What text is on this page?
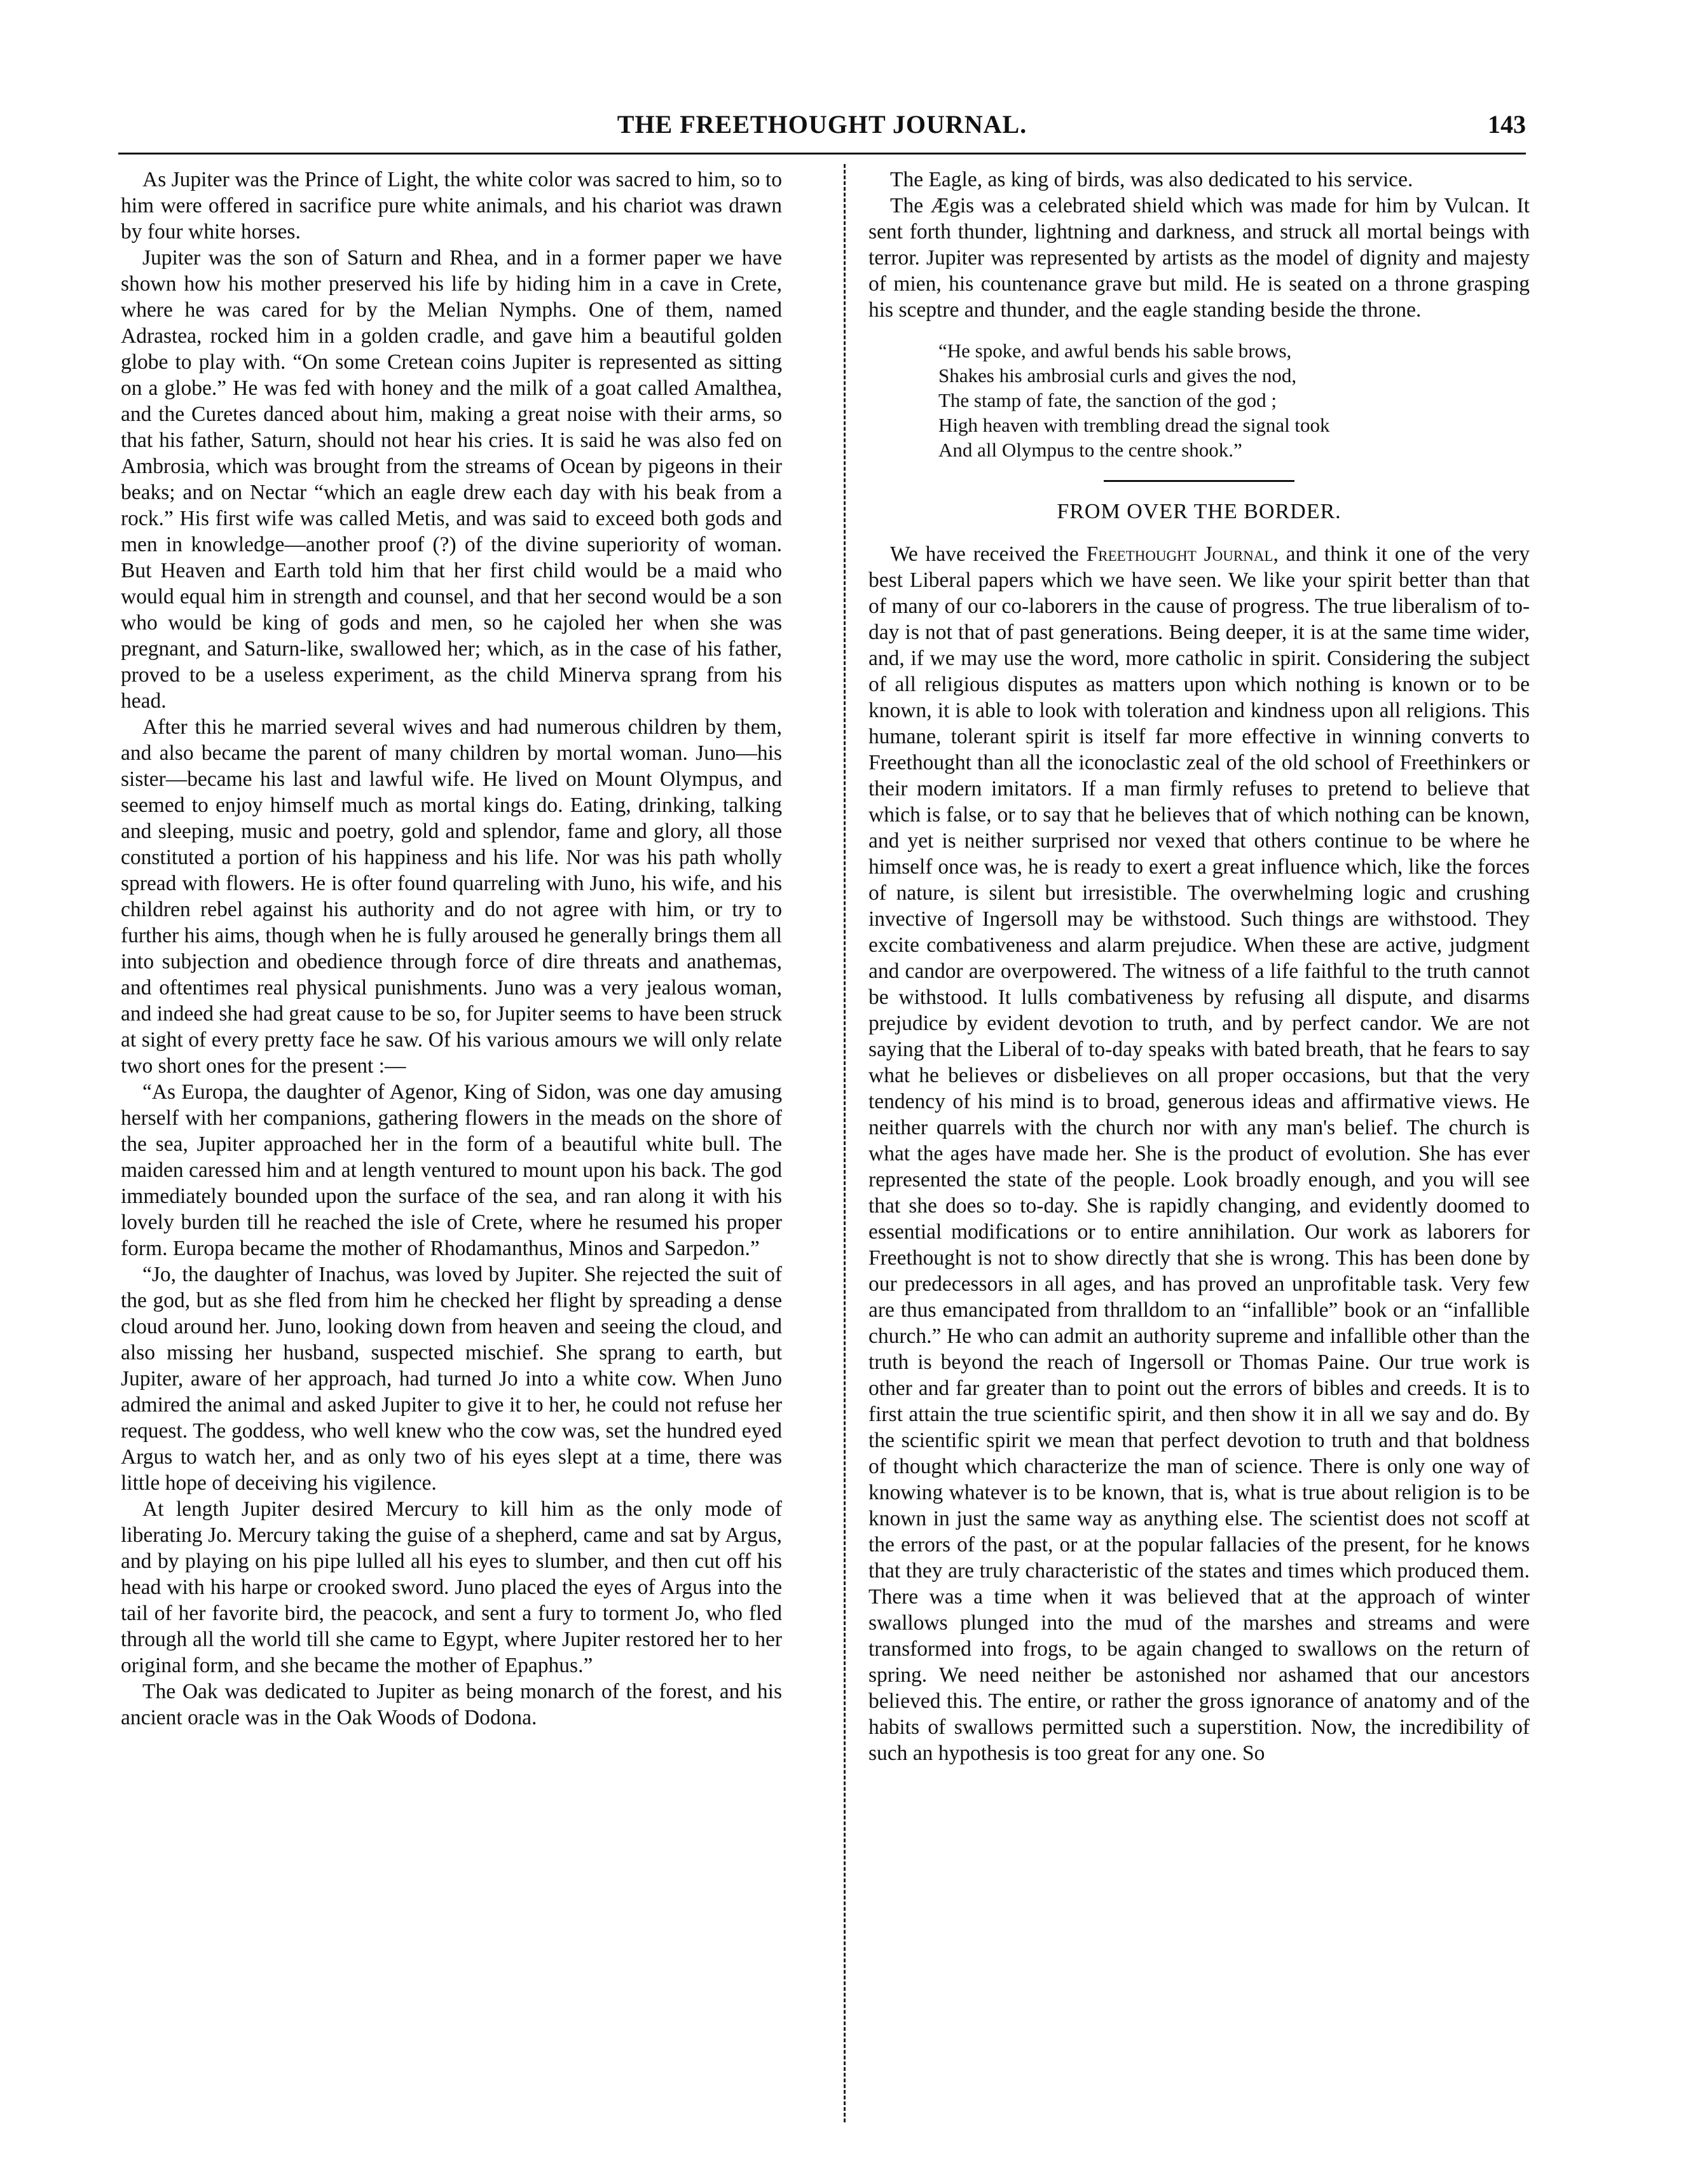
THE FREETHOUGHT JOURNAL.	143

As Jupiter was the Prince of Light, the white color was sacred to him, so to him were offered in sacrifice pure white animals, and his chariot was drawn by four white horses.

Jupiter was the son of Saturn and Rhea, and in a former paper we have shown how his mother preserved his life by hiding him in a cave in Crete, where he was cared for by the Melian Nymphs. One of them, named Adrastea, rocked him in a golden cradle, and gave him a beautiful golden globe to play with. “On some Cretean coins Jupiter is represented as sitting on a globe.” He was fed with honey and the milk of a goat called Amalthea, and the Curetes danced about him, making a great noise with their arms, so that his father, Saturn, should not hear his cries. It is said he was also fed on Ambrosia, which was brought from the streams of Ocean by pigeons in their beaks; and on Nectar “which an eagle drew each day with his beak from a rock.” His first wife was called Metis, and was said to exceed both gods and men in knowledge—another proof (?) of the divine superiority of woman. But Heaven and Earth told him that her first child would be a maid who would equal him in strength and counsel, and that her second would be a son who would be king of gods and men, so he cajoled her when she was pregnant, and Saturn-like, swallowed her; which, as in the case of his father, proved to be a useless experiment, as the child Minerva sprang from his head.

After this he married several wives and had numerous children by them, and also became the parent of many children by mortal woman. Juno—his sister—became his last and lawful wife. He lived on Mount Olympus, and seemed to enjoy himself much as mortal kings do. Eating, drinking, talking and sleeping, music and poetry, gold and splendor, fame and glory, all those constituted a portion of his happiness and his life. Nor was his path wholly spread with flowers. He is ofter found quarreling with Juno, his wife, and his children rebel against his authority and do not agree with him, or try to further his aims, though when he is fully aroused he generally brings them all into subjection and obedience through force of dire threats and anathemas, and oftentimes real physical punishments. Juno was a very jealous woman, and indeed she had great cause to be so, for Jupiter seems to have been struck at sight of every pretty face he saw. Of his various amours we will only relate two short ones for the present :—

“As Europa, the daughter of Agenor, King of Sidon, was one day amusing herself with her companions, gathering flowers in the meads on the shore of the sea, Jupiter approached her in the form of a beautiful white bull. The maiden caressed him and at length ventured to mount upon his back. The god immediately bounded upon the surface of the sea, and ran along it with his lovely burden till he reached the isle of Crete, where he resumed his proper form. Europa became the mother of Rhodamanthus, Minos and Sarpedon.”

“Jo, the daughter of Inachus, was loved by Jupiter. She rejected the suit of the god, but as she fled from him he checked her flight by spreading a dense cloud around her. Juno, looking down from heaven and seeing the cloud, and also missing her husband, suspected mischief. She sprang to earth, but Jupiter, aware of her approach, had turned Jo into a white cow. When Juno admired the animal and asked Jupiter to give it to her, he could not refuse her request. The goddess, who well knew who the cow was, set the hundred eyed Argus to watch her, and as only two of his eyes slept at a time, there was little hope of deceiving his vigilence.

At length Jupiter desired Mercury to kill him as the only mode of liberating Jo. Mercury taking the guise of a shepherd, came and sat by Argus, and by playing on his pipe lulled all his eyes to slumber, and then cut off his head with his harpe or crooked sword. Juno placed the eyes of Argus into the tail of her favorite bird, the peacock, and sent a fury to torment Jo, who fled through all the world till she came to Egypt, where Jupiter restored her to her original form, and she became the mother of Epaphus.”

The Oak was dedicated to Jupiter as being monarch of the forest, and his ancient oracle was in the Oak Woods of Dodona.

The Eagle, as king of birds, was also dedicated to his service.

The Ægis was a celebrated shield which was made for him by Vulcan. It sent forth thunder, lightning and darkness, and struck all mortal beings with terror. Jupiter was represented by artists as the model of dignity and majesty of mien, his countenance grave but mild. He is seated on a throne grasping his sceptre and thunder, and the eagle standing beside the throne.

“He spoke, and awful bends his sable brows,
Shakes his ambrosial curls and gives the nod,
The stamp of fate, the sanction of the god ;
High heaven with trembling dread the signal took
And all Olympus to the centre shook.”
FROM OVER THE BORDER.

We have received the Freethought Journal, and think it one of the very best Liberal papers which we have seen. We like your spirit better than that of many of our co-laborers in the cause of progress. The true liberalism of to-day is not that of past generations. Being deeper, it is at the same time wider, and, if we may use the word, more catholic in spirit. Considering the subject of all religious disputes as matters upon which nothing is known or to be known, it is able to look with toleration and kindness upon all religions. This humane, tolerant spirit is itself far more effective in winning converts to Freethought than all the iconoclastic zeal of the old school of Freethinkers or their modern imitators. If a man firmly refuses to pretend to believe that which is false, or to say that he believes that of which nothing can be known, and yet is neither surprised nor vexed that others continue to be where he himself once was, he is ready to exert a great influence which, like the forces of nature, is silent but irresistible. The overwhelming logic and crushing invective of Ingersoll may be withstood. Such things are withstood. They excite combativeness and alarm prejudice. When these are active, judgment and candor are overpowered. The witness of a life faithful to the truth cannot be withstood. It lulls combativeness by refusing all dispute, and disarms prejudice by evident devotion to truth, and by perfect candor. We are not saying that the Liberal of to-day speaks with bated breath, that he fears to say what he believes or disbelieves on all proper occasions, but that the very tendency of his mind is to broad, generous ideas and affirmative views. He neither quarrels with the church nor with any man's belief. The church is what the ages have made her. She is the product of evolution. She has ever represented the state of the people. Look broadly enough, and you will see that she does so to-day. She is rapidly changing, and evidently doomed to essential modifications or to entire annihilation. Our work as laborers for Freethought is not to show directly that she is wrong. This has been done by our predecessors in all ages, and has proved an unprofitable task. Very few are thus emancipated from thralldom to an “infallible” book or an “infallible church.” He who can admit an authority supreme and infallible other than the truth is beyond the reach of Ingersoll or Thomas Paine. Our true work is other and far greater than to point out the errors of bibles and creeds. It is to first attain the true scientific spirit, and then show it in all we say and do. By the scientific spirit we mean that perfect devotion to truth and that boldness of thought which characterize the man of science. There is only one way of knowing whatever is to be known, that is, what is true about religion is to be known in just the same way as anything else. The scientist does not scoff at the errors of the past, or at the popular fallacies of the present, for he knows that they are truly characteristic of the states and times which produced them. There was a time when it was believed that at the approach of winter swallows plunged into the mud of the marshes and streams and were transformed into frogs, to be again changed to swallows on the return of spring. We need neither be astonished nor ashamed that our ancestors believed this. The entire, or rather the gross ignorance of anatomy and of the habits of swallows permitted such a superstition. Now, the incredibility of such an hypothesis is too great for any one. So
